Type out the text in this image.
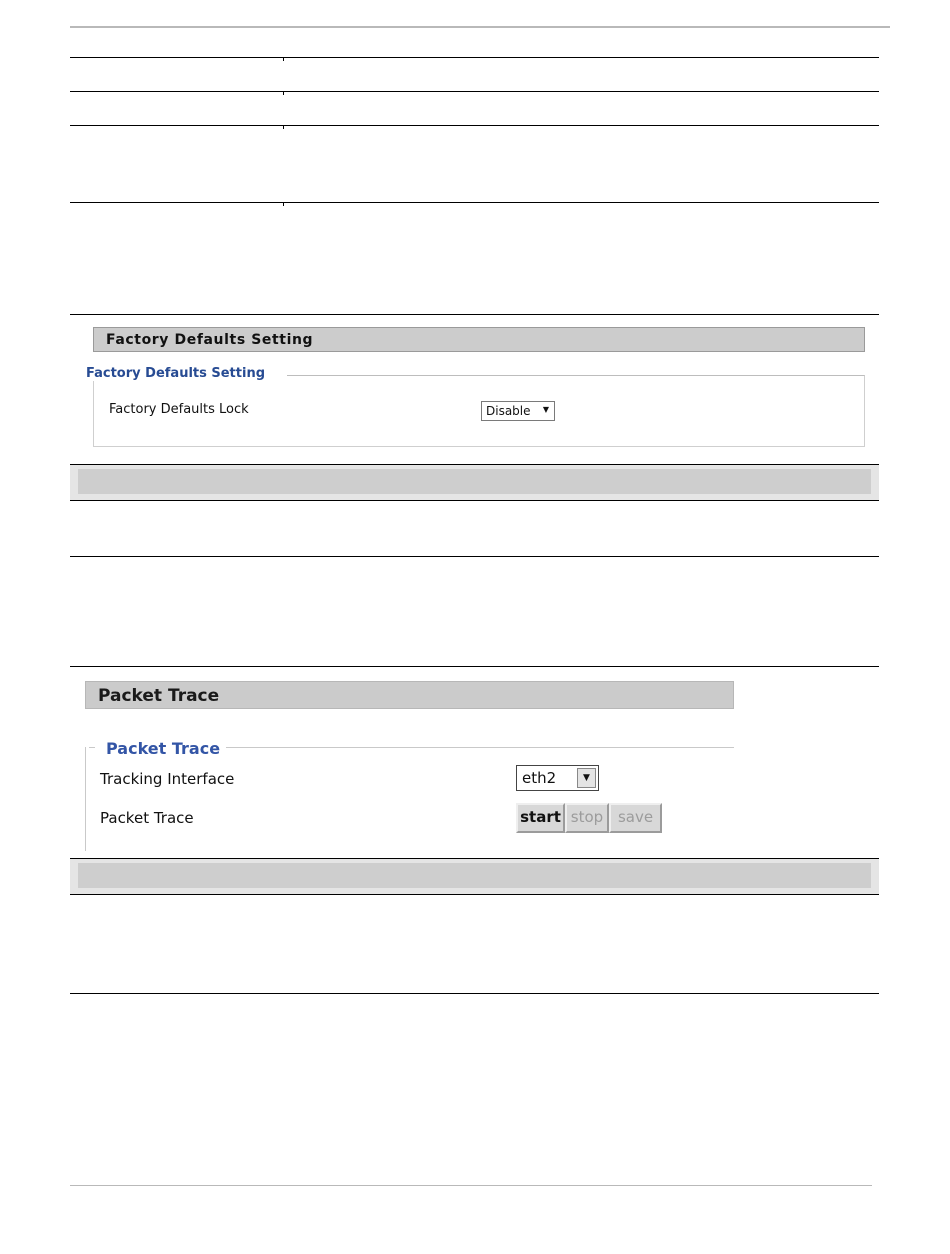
Factory Defaults Setting
Factory Defaults Setting
Factory Defaults Lock	Disable ▼
Packet Trace
Packet Trace
Tracking Interface	eth2	▼
Packet Trace	start stop save
